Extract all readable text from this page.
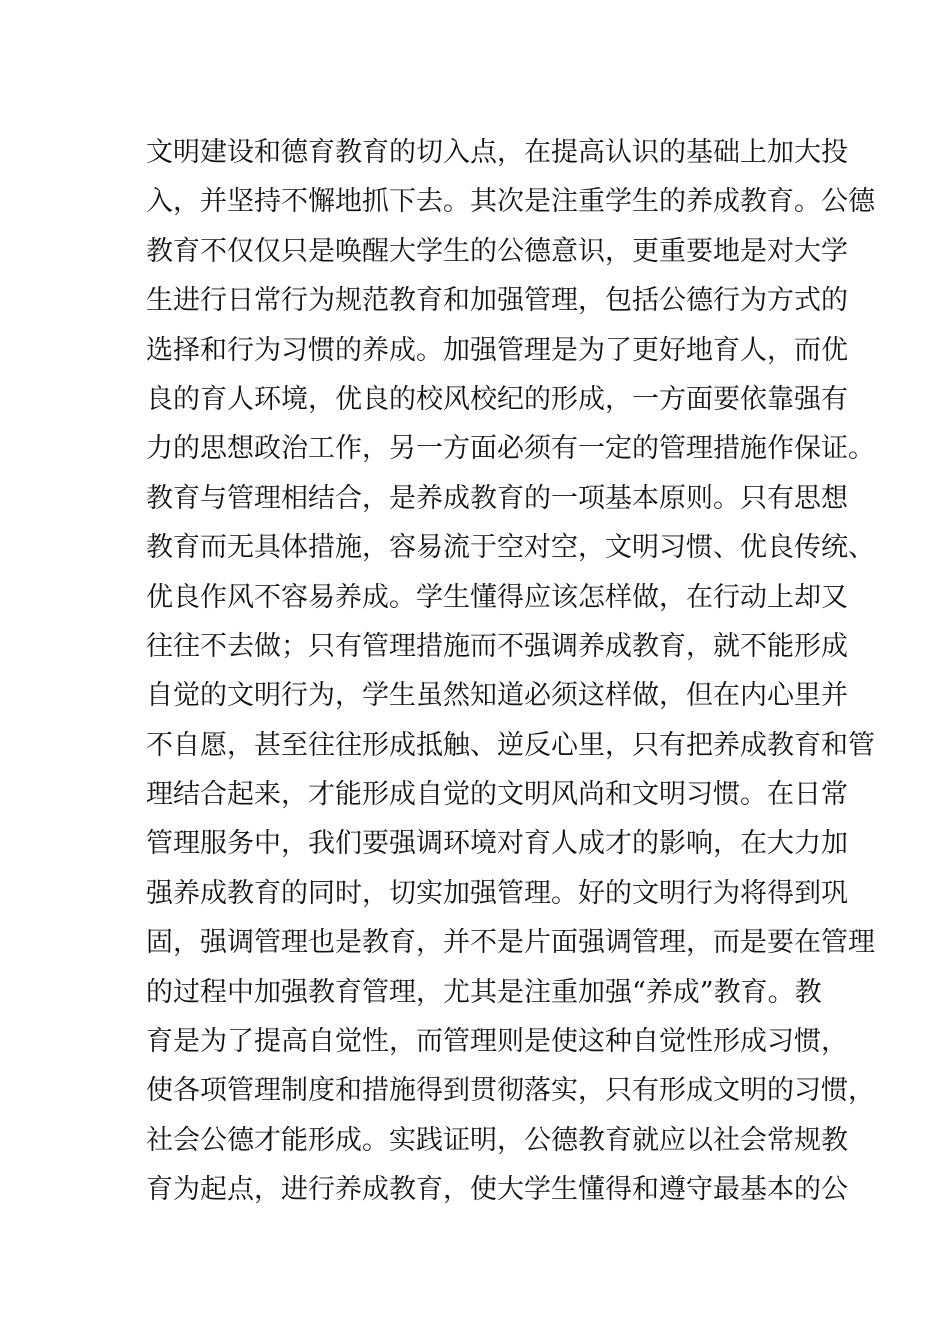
文明建设和德育教育的切入点，在提高认识的基础上加大投
入，并坚持不懈地抓下去。其次是注重学生的养成教育。公德
教育不仅仅只是唤醒大学生的公德意识，更重要地是对大学
生进行日常行为规范教育和加强管理，包括公德行为方式的
选择和行为习惯的养成。加强管理是为了更好地育人，而优
良的育人环境，优良的校风校纪的形成，一方面要依靠强有
力的思想政治工作，另一方面必须有一定的管理措施作保证。
教育与管理相结合，是养成教育的一项基本原则。只有思想
教育而无具体措施，容易流于空对空，文明习惯、优良传统、
优良作风不容易养成。学生懂得应该怎样做，在行动上却又
往往不去做；只有管理措施而不强调养成教育，就不能形成
自觉的文明行为，学生虽然知道必须这样做，但在内心里并
不自愿，甚至往往形成抵触、逆反心里，只有把养成教育和管
理结合起来，才能形成自觉的文明风尚和文明习惯。在日常
管理服务中，我们要强调环境对育人成才的影响，在大力加
强养成教育的同时，切实加强管理。好的文明行为将得到巩
固，强调管理也是教育，并不是片面强调管理，而是要在管理
的过程中加强教育管理，尤其是注重加强“养成”教育。教
育是为了提高自觉性，而管理则是使这种自觉性形成习惯，
使各项管理制度和措施得到贯彻落实，只有形成文明的习惯，
社会公德才能形成。实践证明，公德教育就应以社会常规教
育为起点，进行养成教育，使大学生懂得和遵守最基本的公
